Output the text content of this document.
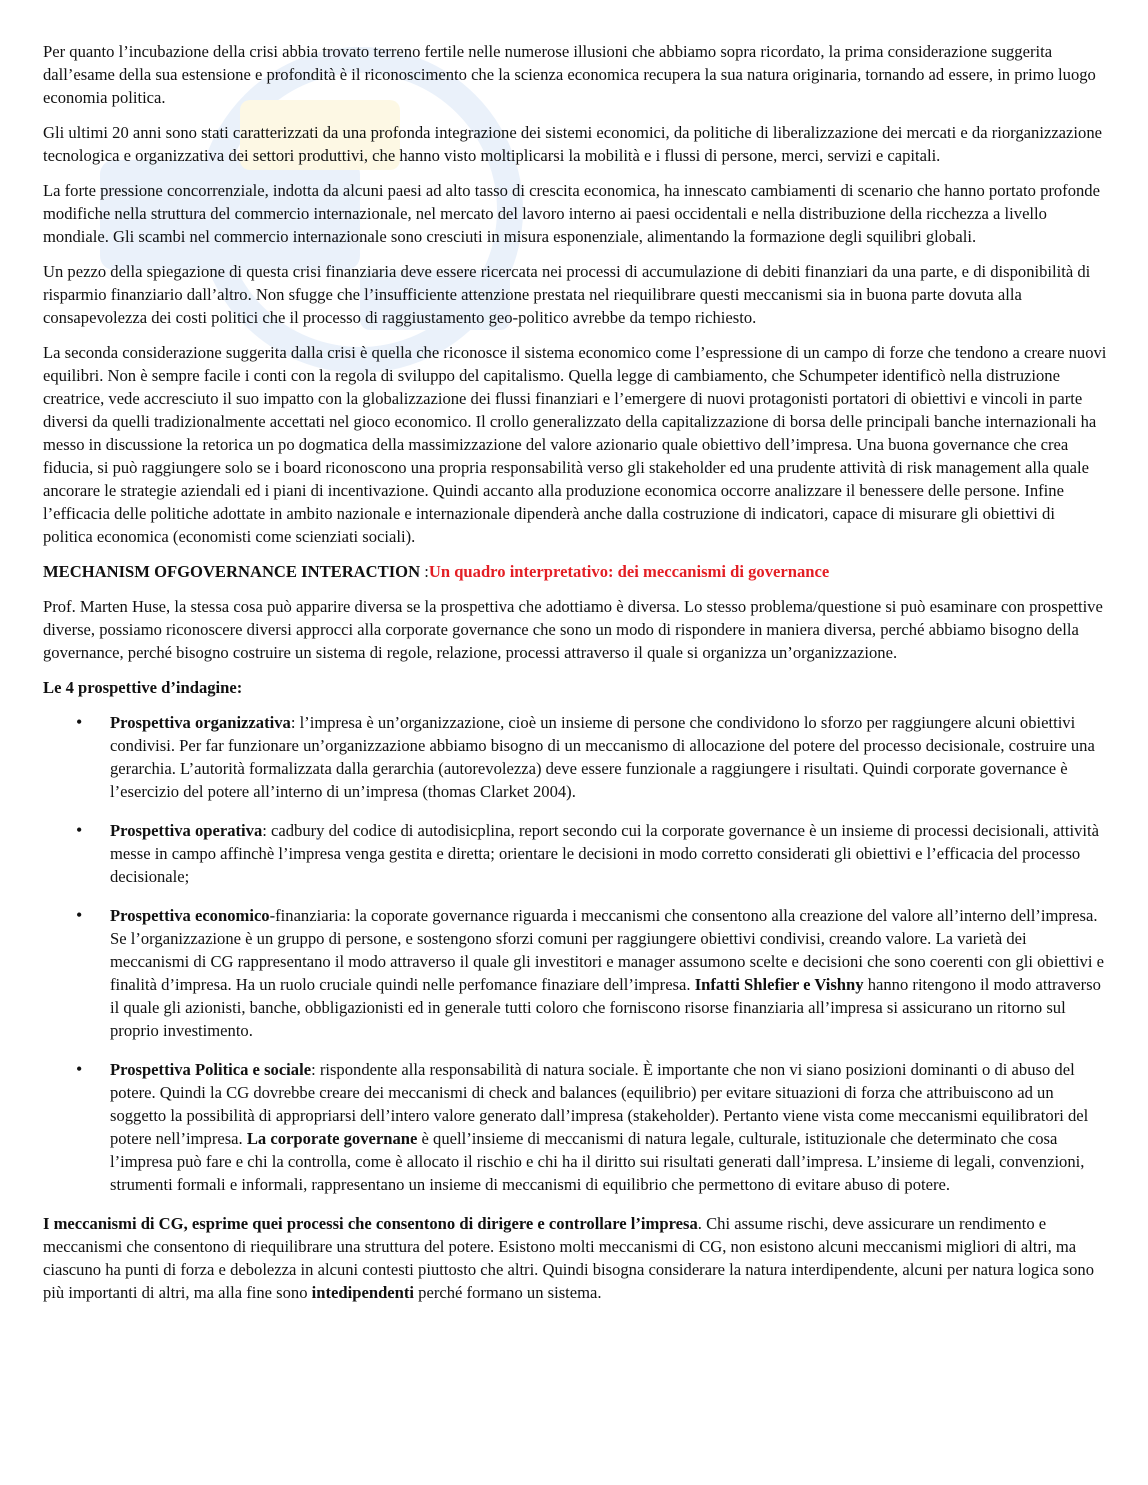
Per quanto l’incubazione della crisi abbia trovato terreno fertile nelle numerose illusioni che abbiamo sopra ricordato, la prima considerazione suggerita dall’esame della sua estensione e profondità è il riconoscimento che la scienza economica recupera la sua natura originaria, tornando ad essere, in primo luogo economia politica.

Gli ultimi 20 anni sono stati caratterizzati da una profonda integrazione dei sistemi economici, da politiche di liberalizzazione dei mercati e da riorganizzazione tecnologica e organizzativa dei settori produttivi, che hanno visto moltiplicarsi la mobilità e i flussi di persone, merci, servizi e capitali.

La forte pressione concorrenziale, indotta da alcuni paesi ad alto tasso di crescita economica, ha innescato cambiamenti di scenario che hanno portato profonde modifiche nella struttura del commercio internazionale, nel mercato del lavoro interno ai paesi occidentali e nella distribuzione della ricchezza a livello mondiale. Gli scambi nel commercio internazionale sono cresciuti in misura esponenziale, alimentando la formazione degli squilibri globali.

Un pezzo della spiegazione di questa crisi finanziaria deve essere ricercata nei processi di accumulazione di debiti finanziari da una parte, e di disponibilità di risparmio finanziario dall’altro. Non sfugge che l’insufficiente attenzione prestata nel riequilibrare questi meccanismi sia in buona parte dovuta alla consapevolezza dei costi politici che il processo di raggiustamento geo-politico avrebbe da tempo richiesto.

La seconda considerazione suggerita dalla crisi è quella che riconosce il sistema economico come l’espressione di un campo di forze che tendono a creare nuovi equilibri. Non è sempre facile i conti con la regola di sviluppo del capitalismo. Quella legge di cambiamento, che Schumpeter identificò nella distruzione creatrice, vede accresciuto il suo impatto con la globalizzazione dei flussi finanziari e l’emergere di nuovi protagonisti portatori di obiettivi e vincoli in parte diversi da quelli tradizionalmente accettati nel gioco economico. Il crollo generalizzato della capitalizzazione di borsa delle principali banche internazionali ha messo in discussione la retorica un po dogmatica della massimizzazione del valore azionario quale obiettivo dell’impresa. Una buona governance che crea fiducia, si può raggiungere solo se i board riconoscono una propria responsabilità verso gli stakeholder ed una prudente attività di risk management alla quale ancorare le strategie aziendali ed i piani di incentivazione. Quindi accanto alla produzione economica occorre analizzare il benessere delle persone. Infine l’efficacia delle politiche adottate in ambito nazionale e internazionale dipenderà anche dalla costruzione di indicatori, capace di misurare gli obiettivi di politica economica (economisti come scienziati sociali).

MECHANISM OFGOVERNANCE INTERACTION :Un quadro interpretativo: dei meccanismi di governance

Prof. Marten Huse, la stessa cosa può apparire diversa se la prospettiva che adottiamo è diversa. Lo stesso problema/questione si può esaminare con prospettive diverse, possiamo riconoscere diversi approcci alla corporate governance che sono un modo di rispondere in maniera diversa, perché abbiamo bisogno della governance, perché bisogno costruire un sistema di regole, relazione, processi attraverso il quale si organizza un’organizzazione.

Le 4 prospettive d’indagine:

• Prospettiva organizzativa: l’impresa è un’organizzazione, cioè un insieme di persone che condividono lo sforzo per raggiungere alcuni obiettivi condivisi. Per far funzionare un’organizzazione abbiamo bisogno di un meccanismo di allocazione del potere del processo decisionale, costruire una gerarchia. L’autorità formalizzata dalla gerarchia (autorevolezza) deve essere funzionale a raggiungere i risultati. Quindi corporate governance è l’esercizio del potere all’interno di un’impresa (thomas Clarket 2004).
• Prospettiva operativa: cadbury del codice di autodisicplina, report secondo cui la corporate governance è un insieme di processi decisionali, attività messe in campo affinchè l’impresa venga gestita e diretta; orientare le decisioni in modo corretto considerati gli obiettivi e l’efficacia del processo decisionale;
• Prospettiva economico-finanziaria: la coporate governance riguarda i meccanismi che consentono alla creazione del valore all’interno dell’impresa. Se l’organizzazione è un gruppo di persone, e sostengono sforzi comuni per raggiungere obiettivi condivisi, creando valore. La varietà dei meccanismi di CG rappresentano il modo attraverso il quale gli investitori e manager assumono scelte e decisioni che sono coerenti con gli obiettivi e finalità d’impresa. Ha un ruolo cruciale quindi nelle perfomance finaziare dell’impresa. Infatti Shlefier e Vishny hanno ritengono il modo attraverso il quale gli azionisti, banche, obbligazionisti ed in generale tutti coloro che forniscono risorse finanziaria all’impresa si assicurano un ritorno sul proprio investimento.
• Prospettiva Politica e sociale: rispondente alla responsabilità di natura sociale. È importante che non vi siano posizioni dominanti o di abuso del potere. Quindi la CG dovrebbe creare dei meccanismi di check and balances (equilibrio) per evitare situazioni di forza che attribuiscono ad un soggetto la possibilità di appropriarsi dell’intero valore generato dall’impresa (stakeholder). Pertanto viene vista come meccanismi equilibratori del potere nell’impresa. La corporate governane è quell’insieme di meccanismi di natura legale, culturale, istituzionale che determinato che cosa l’impresa può fare e chi la controlla, come è allocato il rischio e chi ha il diritto sui risultati generati dall’impresa. L’insieme di legali, convenzioni, strumenti formali e informali, rappresentano un insieme di meccanismi di equilibrio che permettono di evitare abuso di potere.

I meccanismi di CG, esprime quei processi che consentono di dirigere e controllare l’impresa. Chi assume rischi, deve assicurare un rendimento e meccanismi che consentono di riequilibrare una struttura del potere. Esistono molti meccanismi di CG, non esistono alcuni meccanismi migliori di altri, ma ciascuno ha punti di forza e debolezza in alcuni contesti piuttosto che altri. Quindi bisogna considerare la natura interdipendente, alcuni per natura logica sono più importanti di altri, ma alla fine sono intedipendenti perché formano un sistema.
